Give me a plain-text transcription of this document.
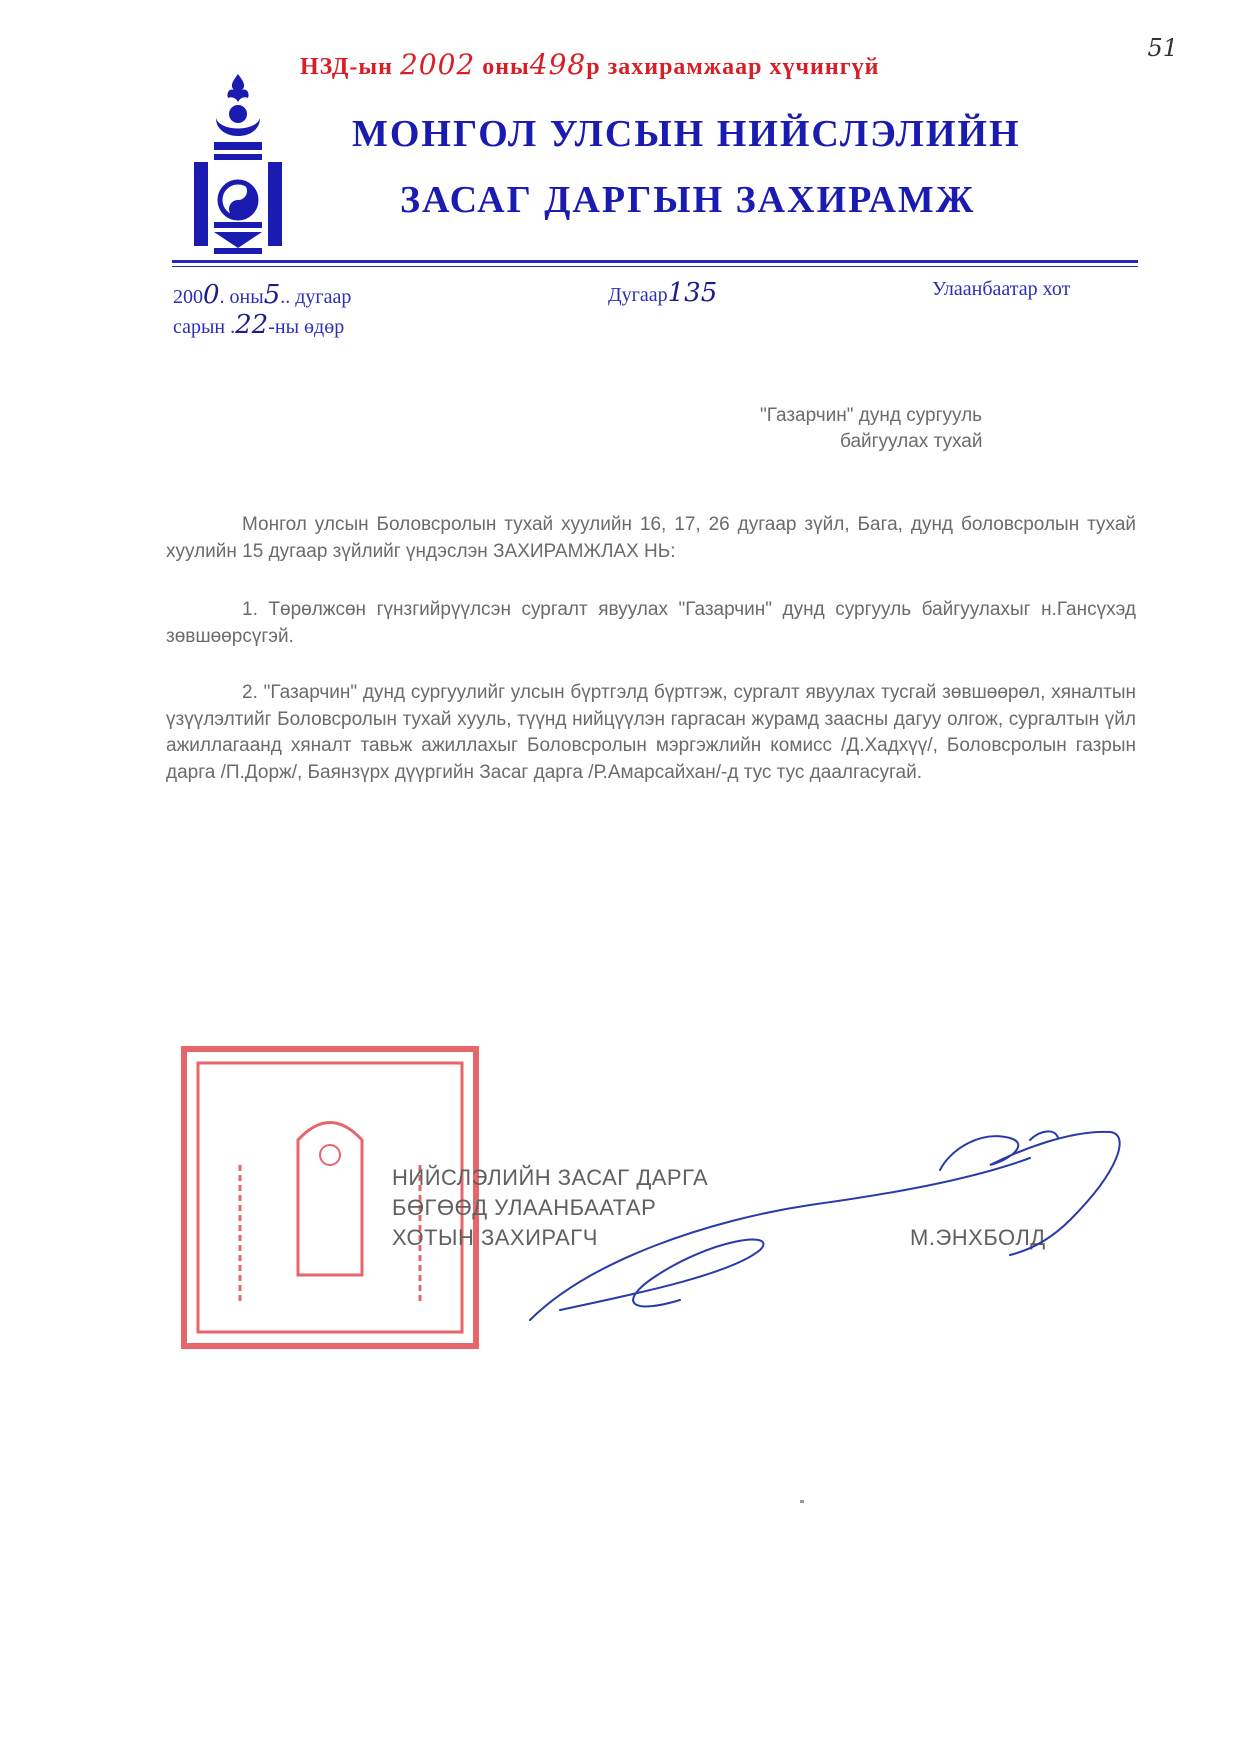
НЗД-ын 2002 оны498р захирамжаар хүчингүй
51
МОНГОЛ УЛСЫН НИЙСЛЭЛИЙН
ЗАСАГ ДАРГЫН ЗАХИРАМЖ
2000. оны5.. дугаар
сарын .22-ны өдөр
Дугаар135	Улаанбаатар хот
"Газарчин" дунд сургууль
байгуулах тухай
Монгол улсын Боловсролын тухай хуулийн 16, 17, 26 дугаар зүйл, Бага, дунд боловсролын тухай хуулийн 15 дугаар зүйлийг үндэслэн ЗАХИРАМЖЛАХ НЬ:
1. Төрөлжсөн гүнзгийрүүлсэн сургалт явуулах "Газарчин" дунд сургууль байгуулахыг н.Гансүхэд зөвшөөрсүгэй.
2. "Газарчин" дунд сургуулийг улсын бүртгэлд бүртгэж, сургалт явуулах тусгай зөвшөөрөл, хяналтын үзүүлэлтийг Боловсролын тухай хууль, түүнд нийцүүлэн гаргасан журамд заасны дагуу олгож, сургалтын үйл ажиллагаанд хяналт тавьж ажиллахыг Боловсролын мэргэжлийн комисс /Д.Хадхүү/, Боловсролын газрын дарга /П.Дорж/, Баянзүрх дүүргийн Засаг дарга /Р.Амарсайхан/-д тус тус даалгасугай.
НИЙСЛЭЛИЙН ЗАСАГ ДАРГА
БӨГӨӨД УЛААНБААТАР
ХОТЫН ЗАХИРАГЧ	М.ЭНХБОЛД
